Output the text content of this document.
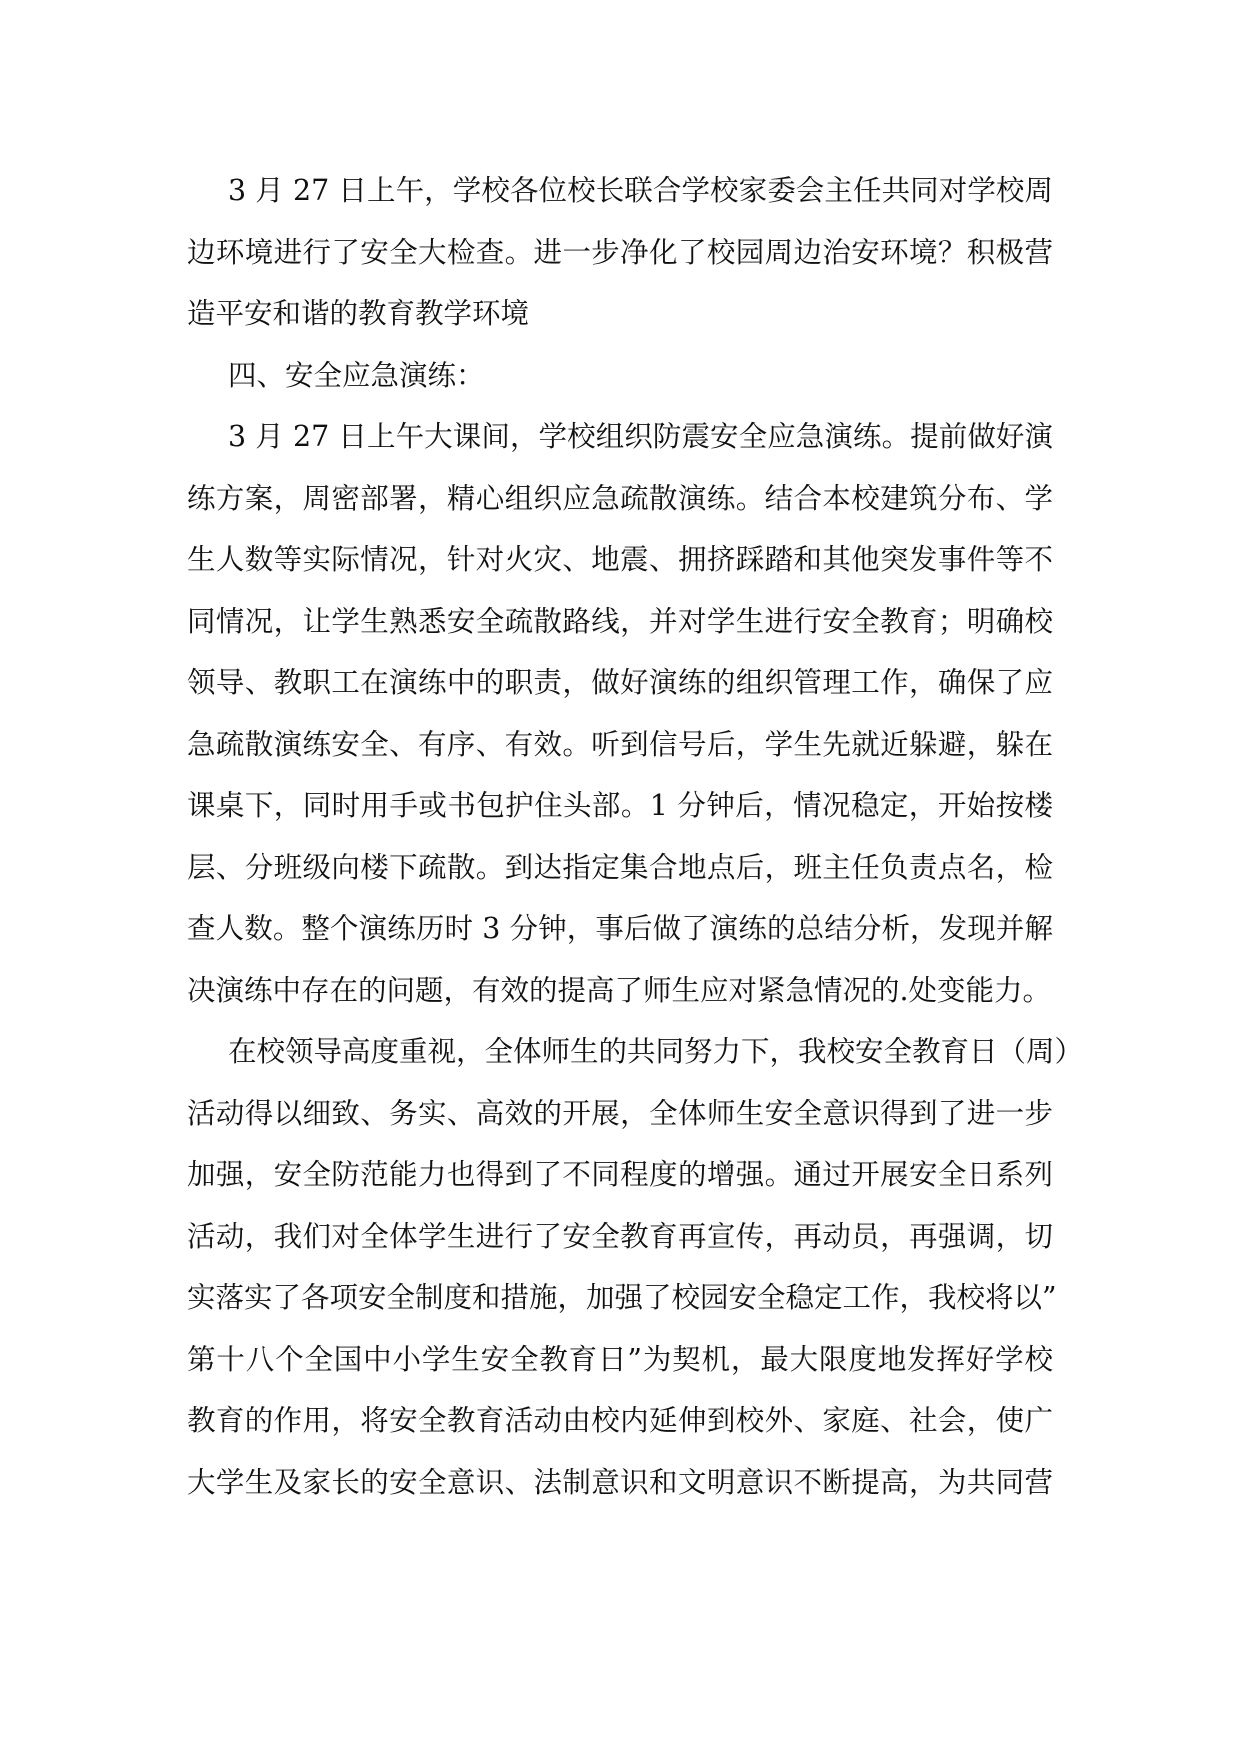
3 月 27 日上午，学校各位校长联合学校家委会主任共同对学校周
边环境进行了安全大检查。进一步净化了校园周边治安环境？积极营
造平安和谐的教育教学环境
四、安全应急演练：
3 月 27 日上午大课间，学校组织防震安全应急演练。提前做好演
练方案，周密部署，精心组织应急疏散演练。结合本校建筑分布、学
生人数等实际情况，针对火灾、地震、拥挤踩踏和其他突发事件等不
同情况，让学生熟悉安全疏散路线，并对学生进行安全教育；明确校
领导、教职工在演练中的职责，做好演练的组织管理工作，确保了应
急疏散演练安全、有序、有效。听到信号后，学生先就近躲避，躲在
课桌下，同时用手或书包护住头部。1 分钟后，情况稳定，开始按楼
层、分班级向楼下疏散。到达指定集合地点后，班主任负责点名，检
查人数。整个演练历时 3 分钟，事后做了演练的总结分析，发现并解
决演练中存在的问题，有效的提高了师生应对紧急情况的.处变能力。
在校领导高度重视，全体师生的共同努力下，我校安全教育日（周）
活动得以细致、务实、高效的开展，全体师生安全意识得到了进一步
加强，安全防范能力也得到了不同程度的增强。通过开展安全日系列
活动，我们对全体学生进行了安全教育再宣传，再动员，再强调，切
实落实了各项安全制度和措施，加强了校园安全稳定工作，我校将以”
第十八个全国中小学生安全教育日”为契机，最大限度地发挥好学校
教育的作用，将安全教育活动由校内延伸到校外、家庭、社会，使广
大学生及家长的安全意识、法制意识和文明意识不断提高，为共同营
